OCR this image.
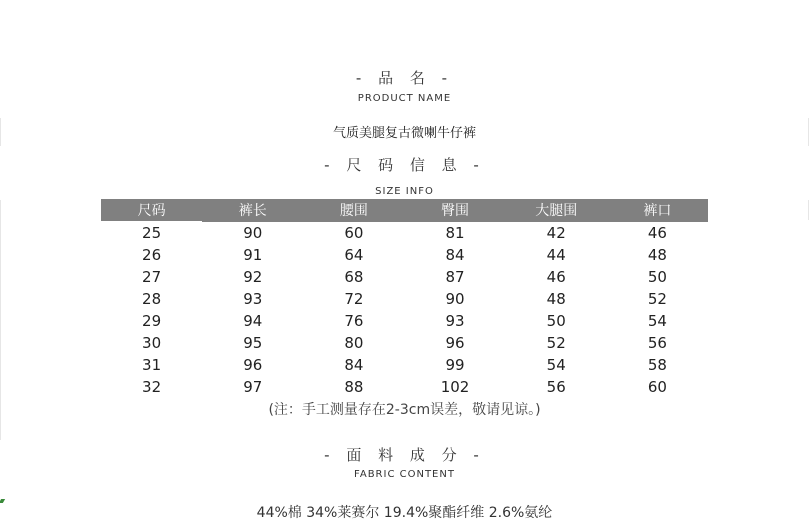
- 品 名 -
PRODUCT NAME
气质美腿复古微喇牛仔裤
- 尺 码 信 息 -
SIZE INFO
尺码	裤长	腰围	臀围	大腿围	裤口
25	90	60	81	42	46
26	91	64	84	44	48
27	92	68	87	46	50
28	93	72	90	48	52
29	94	76	93	50	54
30	95	80	96	52	56
31	96	84	99	54	58
32	97	88	102	56	60
(注：手工测量存在2-3cm误差，敬请见谅。)
- 面 料 成 分 -
FABRIC CONTENT
44%棉 34%莱赛尔 19.4%聚酯纤维 2.6%氨纶
